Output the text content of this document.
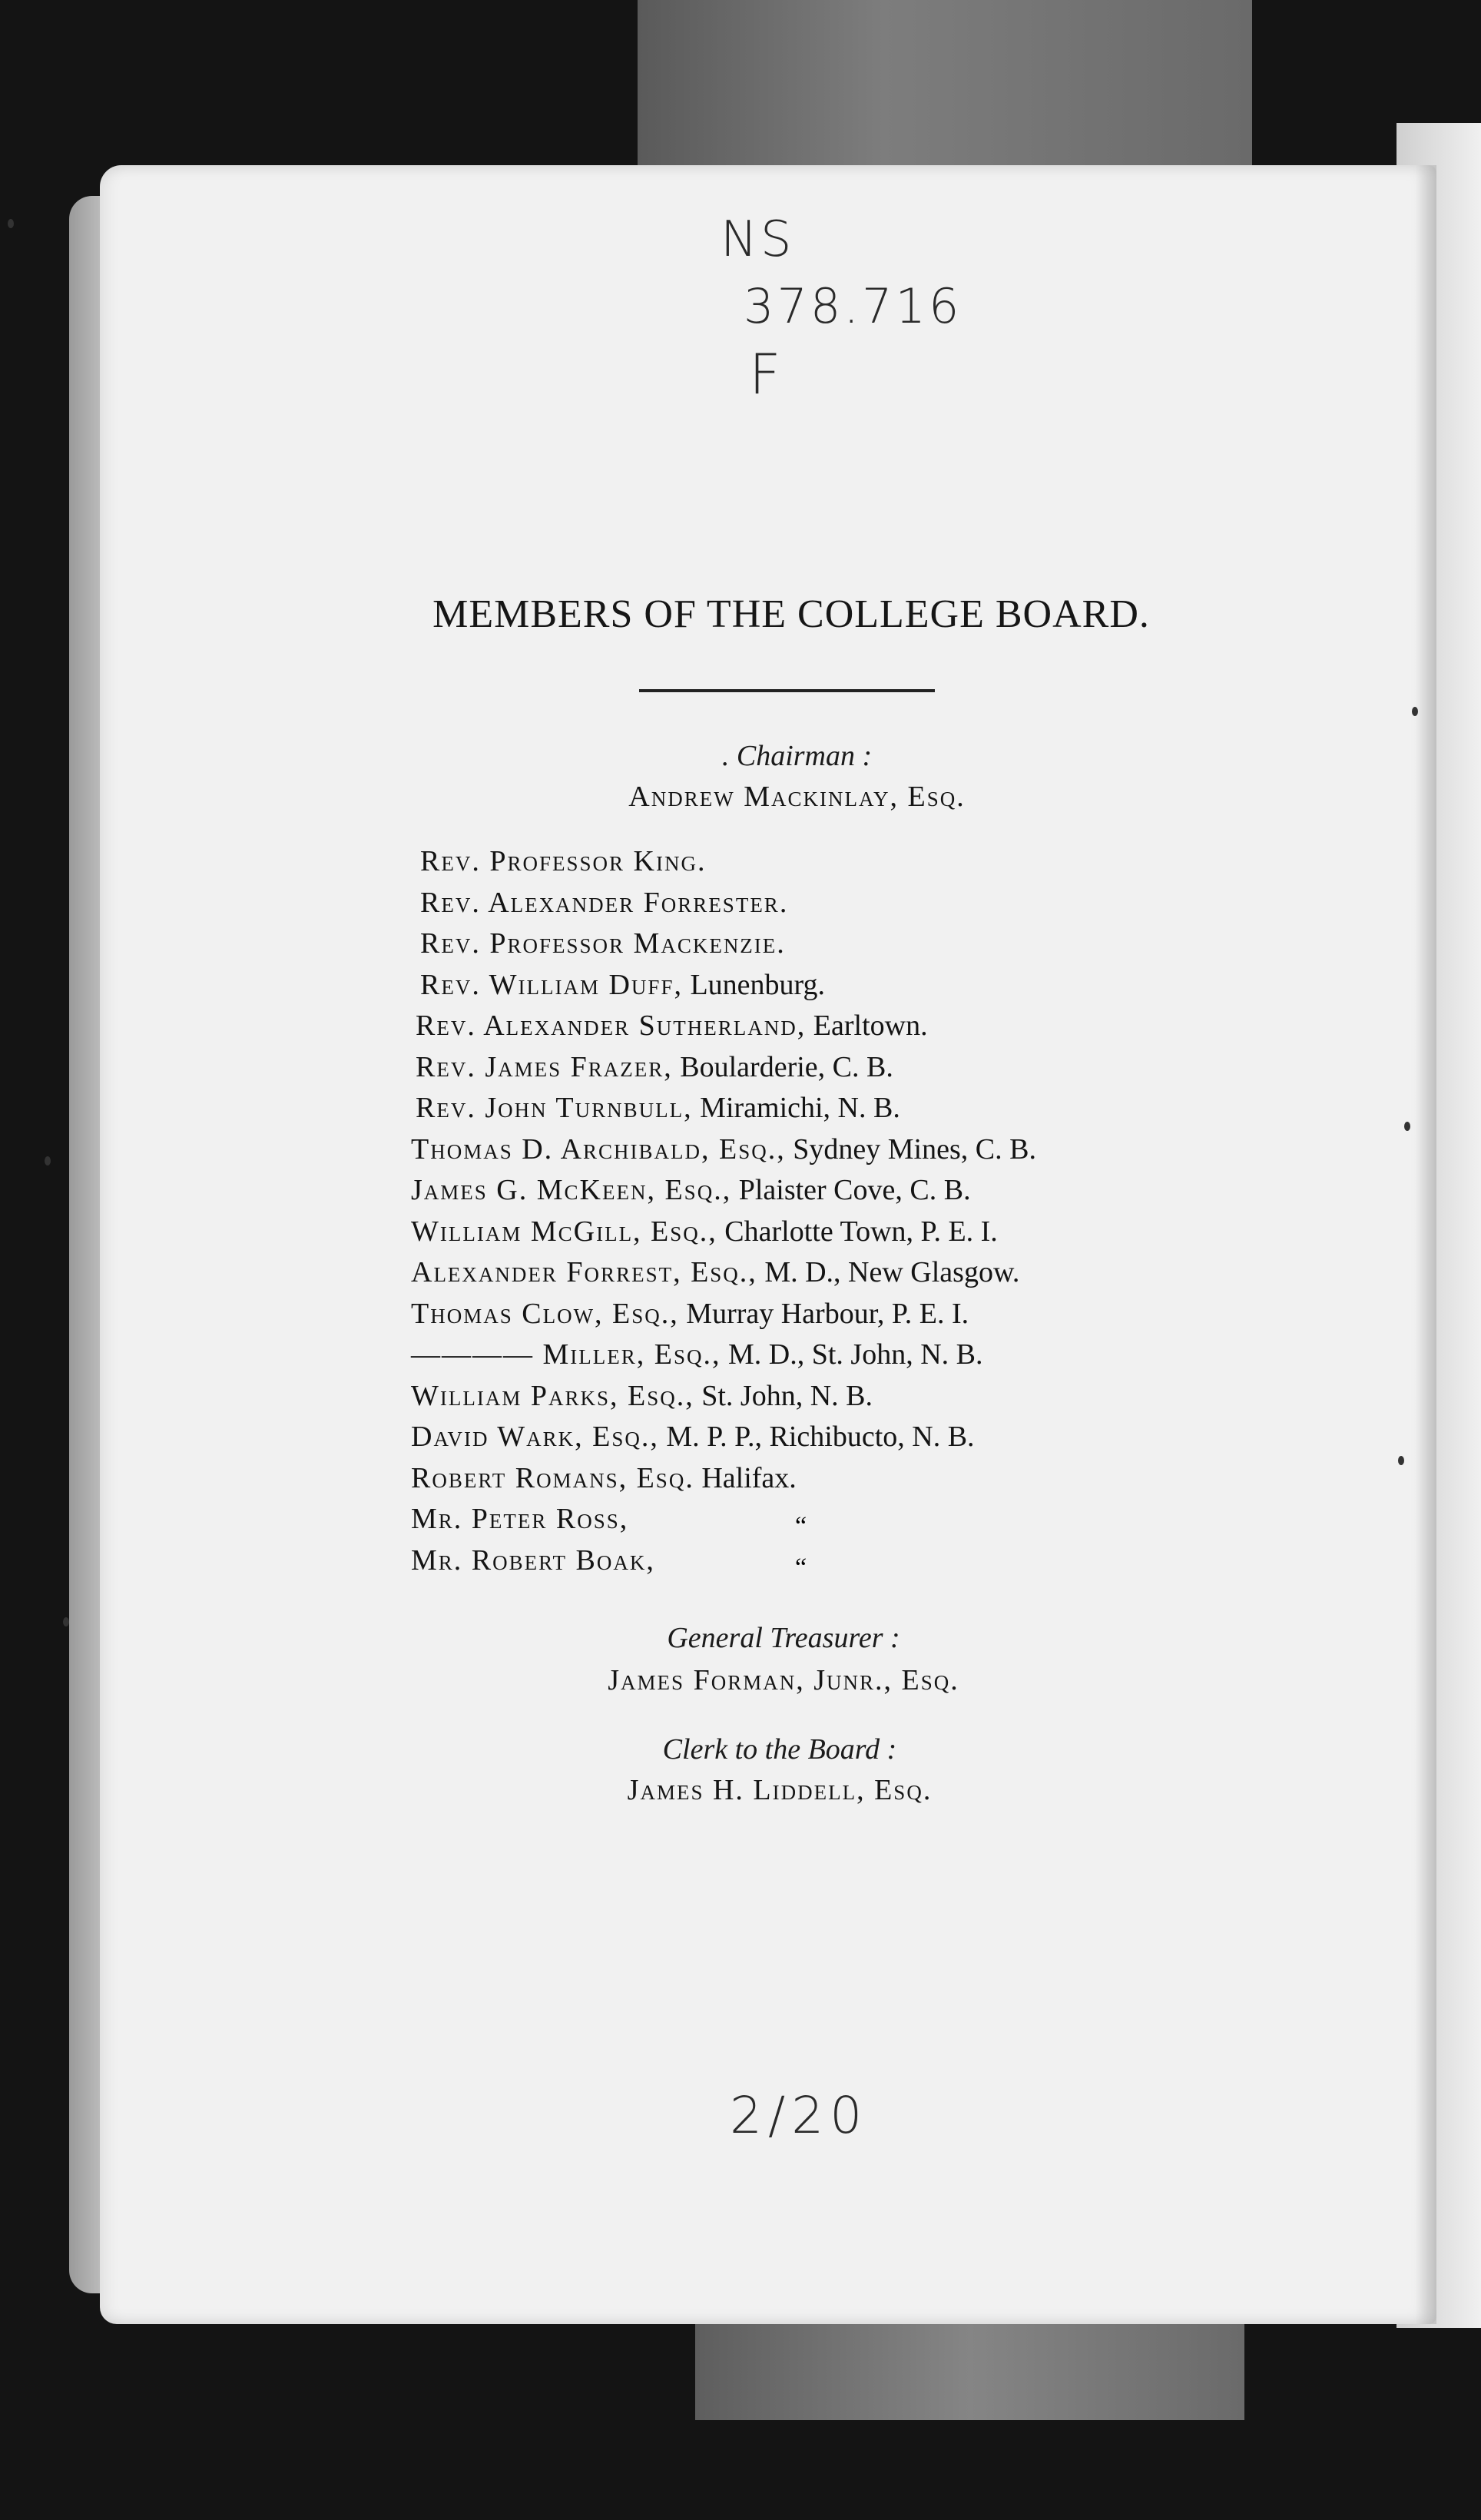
NS
378.716
F
MEMBERS OF THE COLLEGE BOARD.
. Chairman :
Andrew Mackinlay, Esq.
Rev. Professor King.
Rev. Alexander Forrester.
Rev. Professor Mackenzie.
Rev. William Duff, Lunenburg.
Rev. Alexander Sutherland, Earltown.
Rev. James Frazer, Boularderie, C. B.
Rev. John Turnbull, Miramichi, N. B.
Thomas D. Archibald, Esq., Sydney Mines, C. B.
James G. McKeen, Esq., Plaister Cove, C. B.
William McGill, Esq., Charlotte Town, P. E. I.
Alexander Forrest, Esq., M. D., New Glasgow.
Thomas Clow, Esq., Murray Harbour, P. E. I.
———— Miller, Esq., M. D., St. John, N. B.
William Parks, Esq., St. John, N. B.
David Wark, Esq., M. P. P., Richibucto, N. B.
Robert Romans, Esq. Halifax.
Mr. Peter Ross,
Mr. Robert Boak,
“
“
General Treasurer :
James Forman, Junr., Esq.
Clerk to the Board :
James H. Liddell, Esq.
2/20
